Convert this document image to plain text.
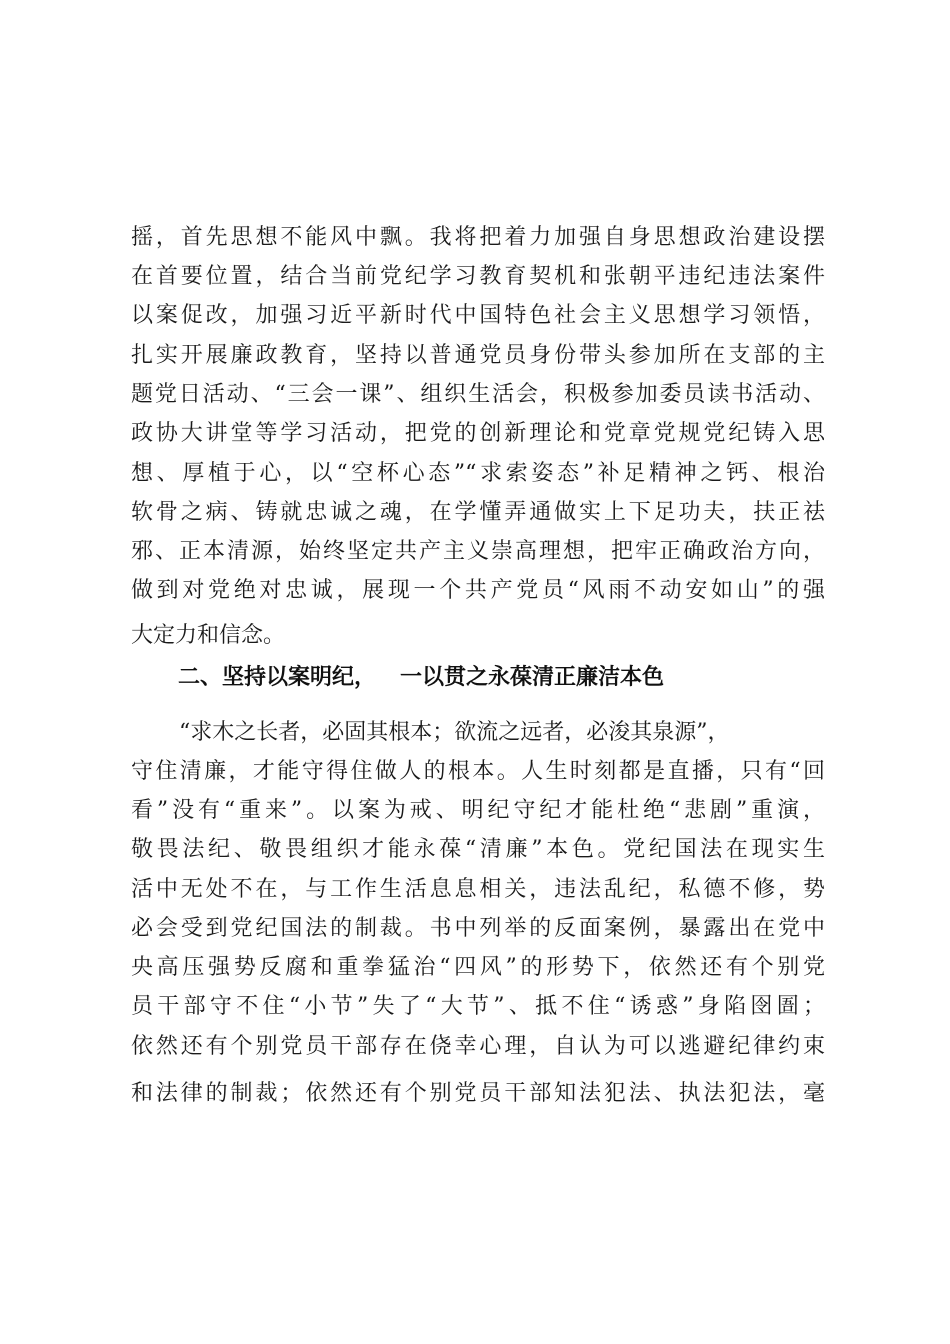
摇，首先思想不能风中飘。我将把着力加强自身思想政治建设摆
在首要位置，结合当前党纪学习教育契机和张朝平违纪违法案件
以案促改，加强习近平新时代中国特色社会主义思想学习领悟，
扎实开展廉政教育，坚持以普通党员身份带头参加所在支部的主
题党日活动、“三会一课”、组织生活会，积极参加委员读书活动、
政协大讲堂等学习活动，把党的创新理论和党章党规党纪铸入思
想、厚植于心，以“空杯心态”“求索姿态”补足精神之钙、根治
软骨之病、铸就忠诚之魂，在学懂弄通做实上下足功夫，扶正祛
邪、正本清源，始终坚定共产主义崇高理想，把牢正确政治方向，
做到对党绝对忠诚，展现一个共产党员“风雨不动安如山”的强
大定力和信念。
二、坚持以案明纪， 一以贯之永葆清正廉洁本色
“求木之长者，必固其根本；欲流之远者，必浚其泉源”，
守住清廉，才能守得住做人的根本。人生时刻都是直播，只有“回
看”没有“重来”。以案为戒、明纪守纪才能杜绝“悲剧”重演，
敬畏法纪、敬畏组织才能永葆“清廉”本色。党纪国法在现实生
活中无处不在，与工作生活息息相关，违法乱纪，私德不修，势
必会受到党纪国法的制裁。书中列举的反面案例，暴露出在党中
央高压强势反腐和重拳猛治“四风”的形势下，依然还有个别党
员干部守不住“小节”失了“大节”、抵不住“诱惑”身陷囹圄；
依然还有个别党员干部存在侥幸心理，自认为可以逃避纪律约束
和法律的制裁；依然还有个别党员干部知法犯法、执法犯法，毫
